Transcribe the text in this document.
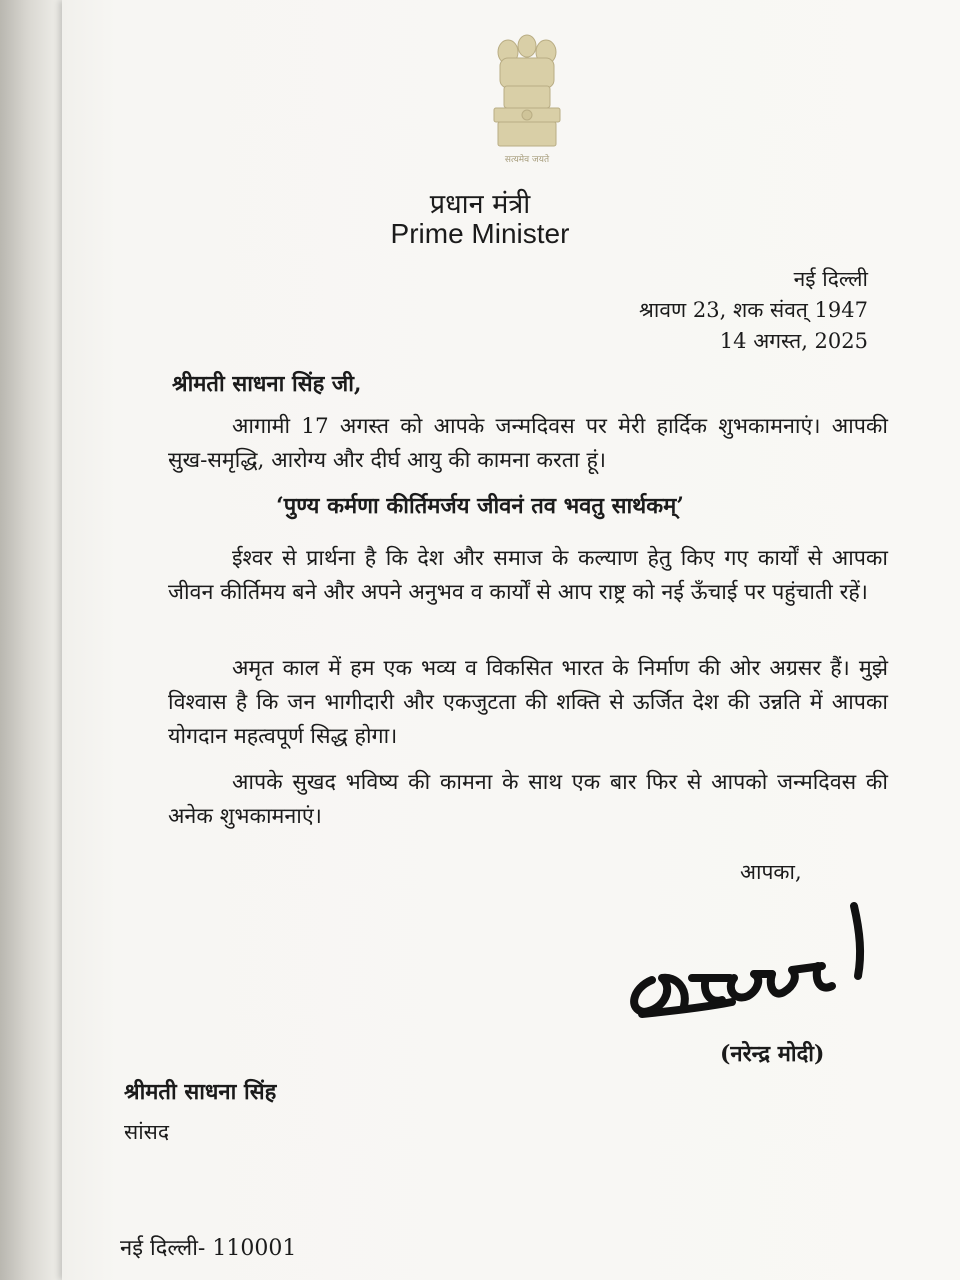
सत्यमेव जयते
प्रधान मंत्री
Prime Minister
नई दिल्ली
श्रावण 23, शक संवत् 1947
14 अगस्त, 2025
श्रीमती साधना सिंह जी,
आगामी 17 अगस्त को आपके जन्मदिवस पर मेरी हार्दिक शुभकामनाएं। आपकी सुख-समृद्धि, आरोग्य और दीर्घ आयु की कामना करता हूं।
‘पुण्य कर्मणा कीर्तिमर्जय जीवनं तव भवतु सार्थकम्’
ईश्वर से प्रार्थना है कि देश और समाज के कल्याण हेतु किए गए कार्यों से आपका जीवन कीर्तिमय बने और अपने अनुभव व कार्यों से आप राष्ट्र को नई ऊँचाई पर पहुंचाती रहें।
अमृत काल में हम एक भव्य व विकसित भारत के निर्माण की ओर अग्रसर हैं। मुझे विश्वास है कि जन भागीदारी और एकजुटता की शक्ति से ऊर्जित देश की उन्नति में आपका योगदान महत्वपूर्ण सिद्ध होगा।
आपके सुखद भविष्य की कामना के साथ एक बार फिर से आपको जन्मदिवस की अनेक शुभकामनाएं।
आपका,
(नरेन्द्र मोदी)
श्रीमती साधना सिंह
सांसद
नई दिल्ली- 110001
